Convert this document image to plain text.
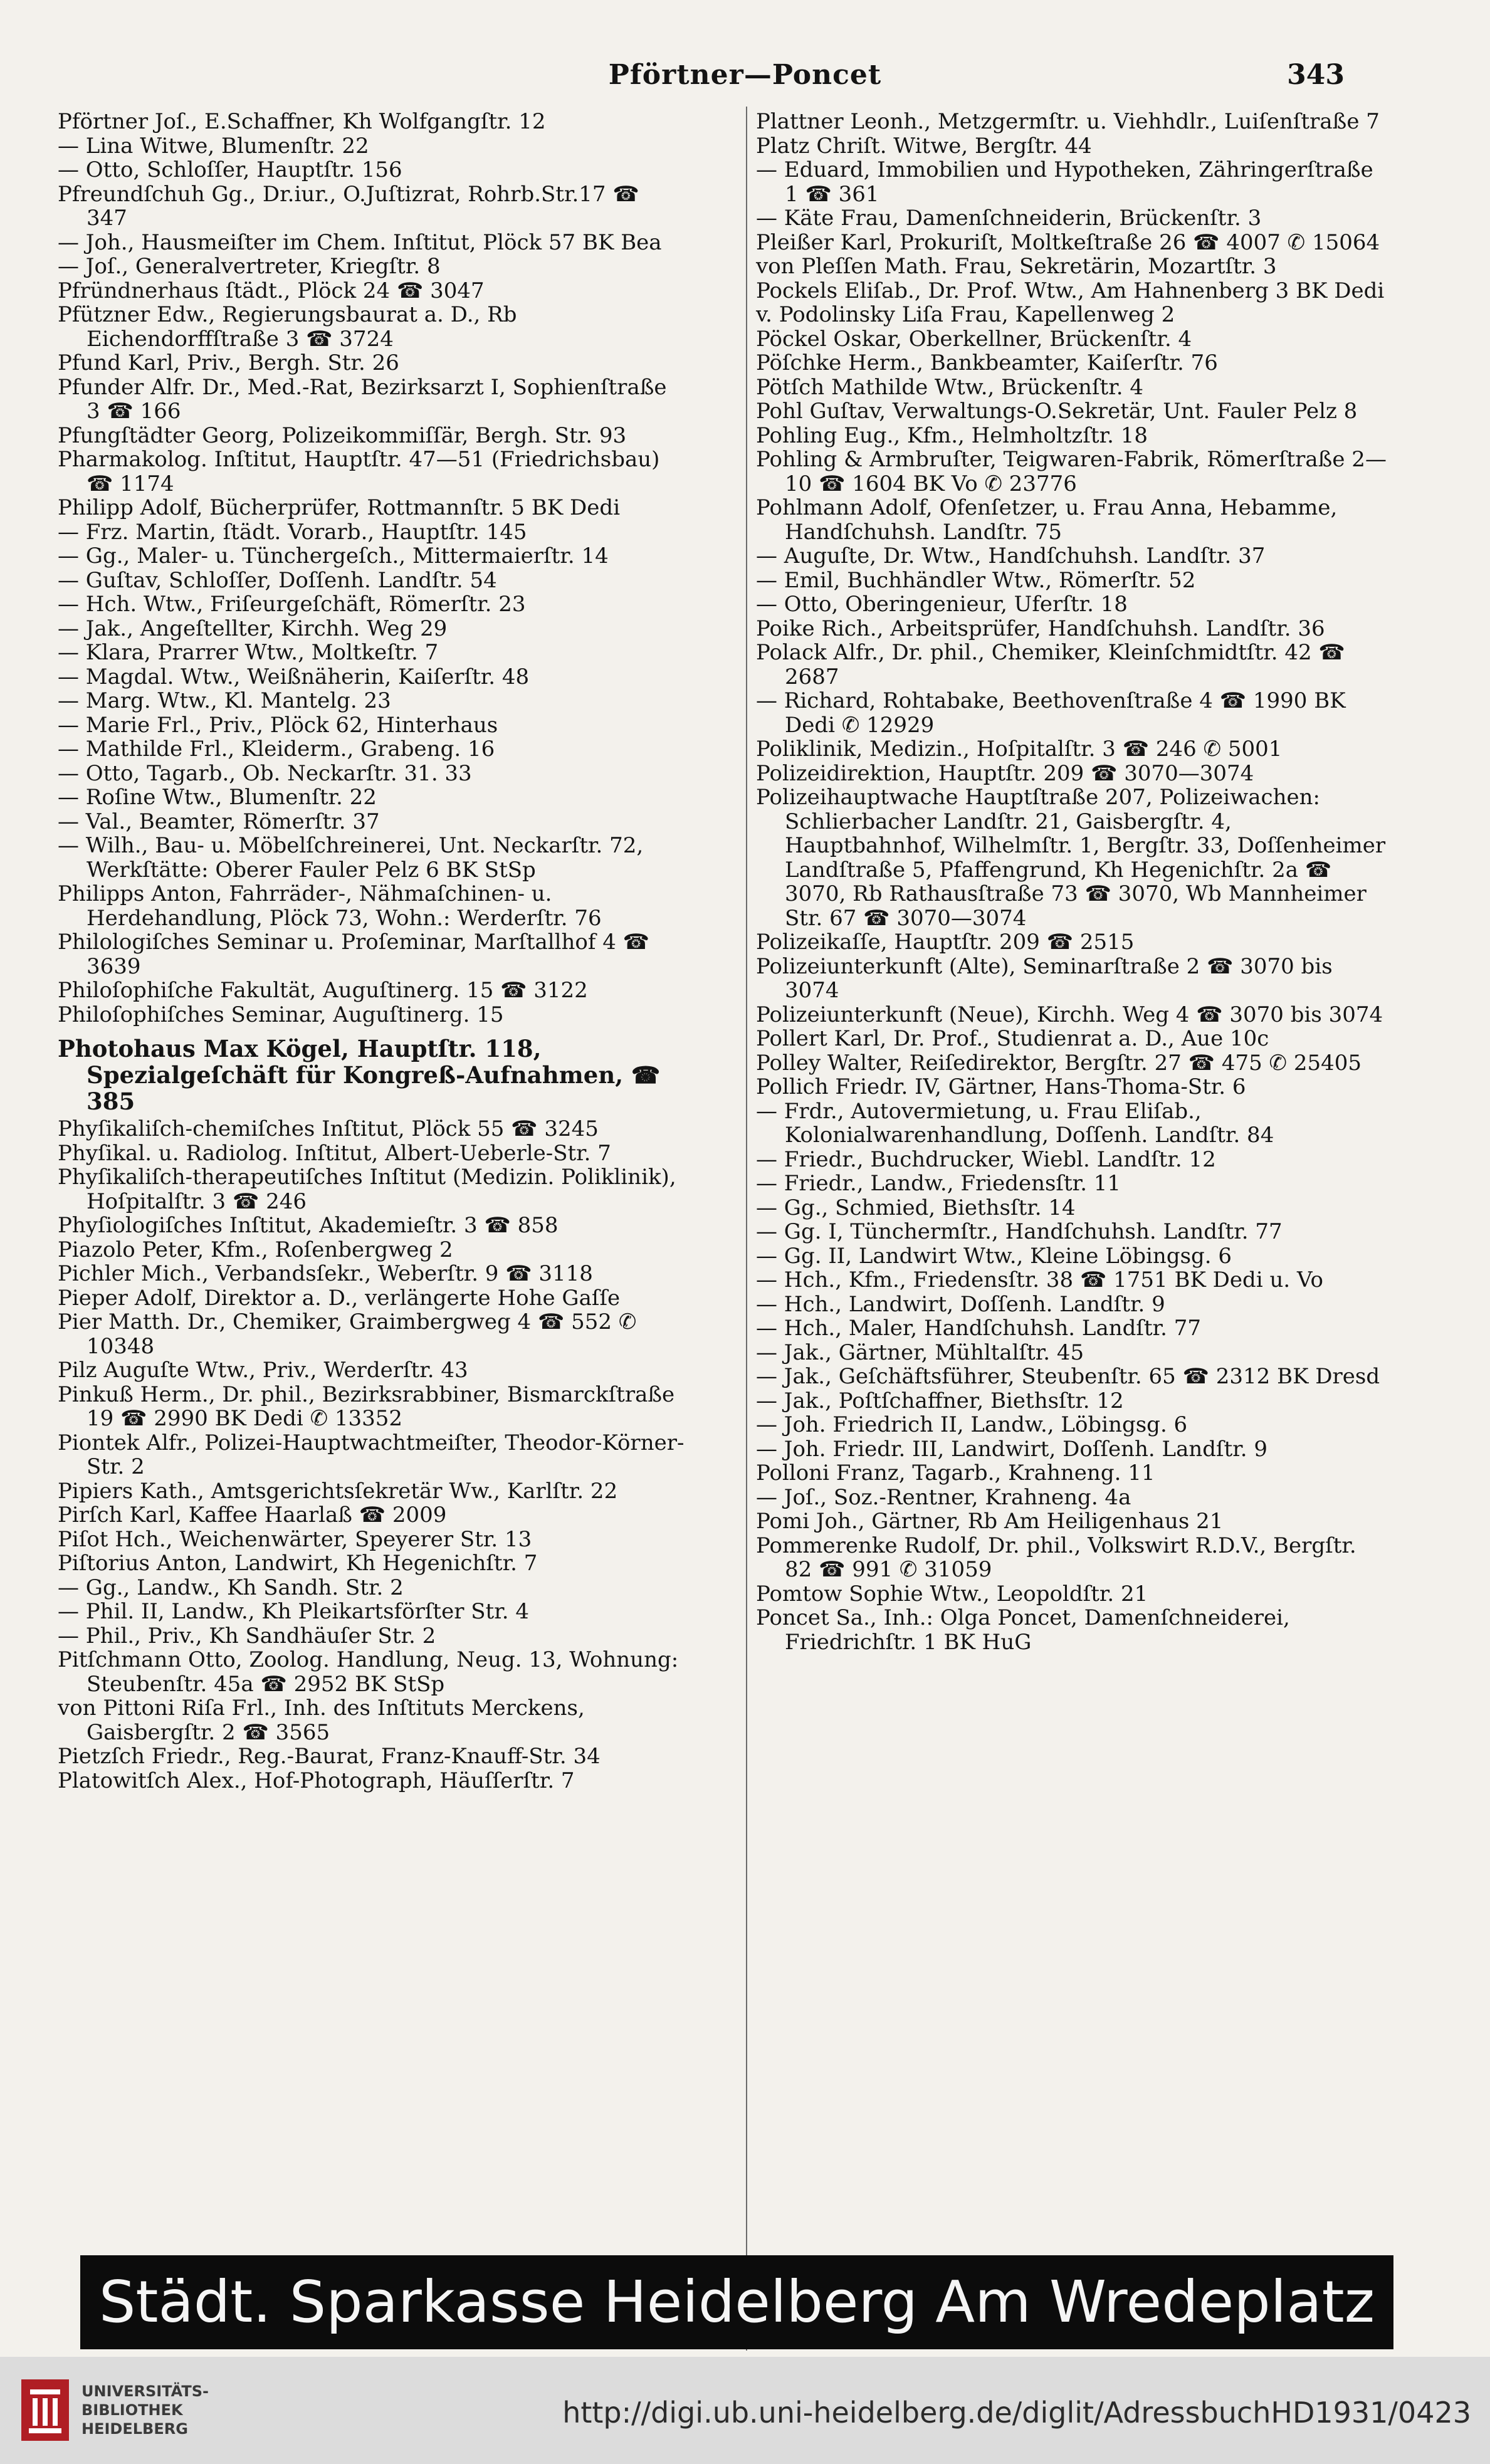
Pförtner—Poncet	343
Pförtner Joſ., E.Schaffner, Kh Wolfgangſtr. 12
— Lina Witwe, Blumenſtr. 22
— Otto, Schloſſer, Hauptſtr. 156
Pfreundſchuh Gg., Dr.iur., O.Juſtizrat, Rohrb.Str.17 ☎ 347
— Joh., Hausmeiſter im Chem. Inſtitut, Plöck 57 BK Bea
— Joſ., Generalvertreter, Kriegſtr. 8
Pfründnerhaus ſtädt., Plöck 24 ☎ 3047
Pfützner Edw., Regierungsbaurat a. D., Rb Eichendorffſtraße 3 ☎ 3724
Pfund Karl, Priv., Bergh. Str. 26
Pfunder Alfr. Dr., Med.-Rat, Bezirksarzt I, Sophienſtraße 3 ☎ 166
Pfungſtädter Georg, Polizeikommiſſär, Bergh. Str. 93
Pharmakolog. Inſtitut, Hauptſtr. 47—51 (Friedrichsbau) ☎ 1174
Philipp Adolf, Bücherprüfer, Rottmannſtr. 5 BK Dedi
— Frz. Martin, ſtädt. Vorarb., Hauptſtr. 145
— Gg., Maler- u. Tünchergeſch., Mittermaierſtr. 14
— Guſtav, Schloſſer, Doſſenh. Landſtr. 54
— Hch. Wtw., Friſeurgeſchäft, Römerſtr. 23
— Jak., Angeſtellter, Kirchh. Weg 29
— Klara, Prarrer Wtw., Moltkeſtr. 7
— Magdal. Wtw., Weißnäherin, Kaiſerſtr. 48
— Marg. Wtw., Kl. Mantelg. 23
— Marie Frl., Priv., Plöck 62, Hinterhaus
— Mathilde Frl., Kleiderm., Grabeng. 16
— Otto, Tagarb., Ob. Neckarſtr. 31. 33
— Roſine Wtw., Blumenſtr. 22
— Val., Beamter, Römerſtr. 37
— Wilh., Bau- u. Möbelſchreinerei, Unt. Neckarſtr. 72, Werkſtätte: Oberer Fauler Pelz 6 BK StSp
Philipps Anton, Fahrräder-, Nähmaſchinen- u. Herdehandlung, Plöck 73, Wohn.: Werderſtr. 76
Philologiſches Seminar u. Proſeminar, Marſtallhof 4 ☎ 3639
Philoſophiſche Fakultät, Auguſtinerg. 15 ☎ 3122
Philoſophiſches Seminar, Auguſtinerg. 15
Photohaus Max Kögel, Hauptſtr. 118, Spezialgeſchäft für Kongreß-Aufnahmen, ☎ 385
Phyſikaliſch-chemiſches Inſtitut, Plöck 55 ☎ 3245
Phyſikal. u. Radiolog. Inſtitut, Albert-Ueberle-Str. 7
Phyſikaliſch-therapeutiſches Inſtitut (Medizin. Poliklinik), Hoſpitalſtr. 3 ☎ 246
Phyſiologiſches Inſtitut, Akademieſtr. 3 ☎ 858
Piazolo Peter, Kfm., Roſenbergweg 2
Pichler Mich., Verbandsſekr., Weberſtr. 9 ☎ 3118
Pieper Adolf, Direktor a. D., verlängerte Hohe Gaſſe
Pier Matth. Dr., Chemiker, Graimbergweg 4 ☎ 552 ✆ 10348
Pilz Auguſte Wtw., Priv., Werderſtr. 43
Pinkuß Herm., Dr. phil., Bezirksrabbiner, Bismarckſtraße 19 ☎ 2990 BK Dedi ✆ 13352
Piontek Alfr., Polizei-Hauptwachtmeiſter, Theodor-Körner-Str. 2
Pipiers Kath., Amtsgerichtsſekretär Ww., Karlſtr. 22
Pirſch Karl, Kaffee Haarlaß ☎ 2009
Piſot Hch., Weichenwärter, Speyerer Str. 13
Piſtorius Anton, Landwirt, Kh Hegenichſtr. 7
— Gg., Landw., Kh Sandh. Str. 2
— Phil. II, Landw., Kh Pleikartsförſter Str. 4
— Phil., Priv., Kh Sandhäuſer Str. 2
Pitſchmann Otto, Zoolog. Handlung, Neug. 13, Wohnung: Steubenſtr. 45a ☎ 2952 BK StSp
von Pittoni Riſa Frl., Inh. des Inſtituts Merckens, Gaisbergſtr. 2 ☎ 3565
Pietzſch Friedr., Reg.-Baurat, Franz-Knauff-Str. 34
Platowitſch Alex., Hof-Photograph, Häuſſerſtr. 7
Plattner Leonh., Metzgermſtr. u. Viehhdlr., Luiſenſtraße 7
Platz Chriſt. Witwe, Bergſtr. 44
— Eduard, Immobilien und Hypotheken, Zähringerſtraße 1 ☎ 361
— Käte Frau, Damenſchneiderin, Brückenſtr. 3
Pleißer Karl, Prokuriſt, Moltkeſtraße 26 ☎ 4007 ✆ 15064
von Pleſſen Math. Frau, Sekretärin, Mozartſtr. 3
Pockels Eliſab., Dr. Prof. Wtw., Am Hahnenberg 3 BK Dedi
v. Podolinsky Liſa Frau, Kapellenweg 2
Pöckel Oskar, Oberkellner, Brückenſtr. 4
Pöſchke Herm., Bankbeamter, Kaiſerſtr. 76
Pötſch Mathilde Wtw., Brückenſtr. 4
Pohl Guſtav, Verwaltungs-O.Sekretär, Unt. Fauler Pelz 8
Pohling Eug., Kfm., Helmholtzſtr. 18
Pohling & Armbruſter, Teigwaren-Fabrik, Römerſtraße 2—10 ☎ 1604 BK Vo ✆ 23776
Pohlmann Adolf, Ofenſetzer, u. Frau Anna, Hebamme, Handſchuhsh. Landſtr. 75
— Auguſte, Dr. Wtw., Handſchuhsh. Landſtr. 37
— Emil, Buchhändler Wtw., Römerſtr. 52
— Otto, Oberingenieur, Uferſtr. 18
Poike Rich., Arbeitsprüfer, Handſchuhsh. Landſtr. 36
Polack Alfr., Dr. phil., Chemiker, Kleinſchmidtſtr. 42 ☎ 2687
— Richard, Rohtabake, Beethovenſtraße 4 ☎ 1990 BK Dedi ✆ 12929
Poliklinik, Medizin., Hoſpitalſtr. 3 ☎ 246 ✆ 5001
Polizeidirektion, Hauptſtr. 209 ☎ 3070—3074
Polizeihauptwache Hauptſtraße 207, Polizeiwachen: Schlierbacher Landſtr. 21, Gaisbergſtr. 4, Hauptbahnhof, Wilhelmſtr. 1, Bergſtr. 33, Doſſenheimer Landſtraße 5, Pfaffengrund, Kh Hegenichſtr. 2a ☎ 3070, Rb Rathausſtraße 73 ☎ 3070, Wb Mannheimer Str. 67 ☎ 3070—3074
Polizeikaſſe, Hauptſtr. 209 ☎ 2515
Polizeiunterkunft (Alte), Seminarſtraße 2 ☎ 3070 bis 3074
Polizeiunterkunft (Neue), Kirchh. Weg 4 ☎ 3070 bis 3074
Pollert Karl, Dr. Prof., Studienrat a. D., Aue 10c
Polley Walter, Reiſedirektor, Bergſtr. 27 ☎ 475 ✆ 25405
Pollich Friedr. IV, Gärtner, Hans-Thoma-Str. 6
— Frdr., Autovermietung, u. Frau Eliſab., Kolonialwarenhandlung, Doſſenh. Landſtr. 84
— Friedr., Buchdrucker, Wiebl. Landſtr. 12
— Friedr., Landw., Friedensſtr. 11
— Gg., Schmied, Biethsſtr. 14
— Gg. I, Tünchermſtr., Handſchuhsh. Landſtr. 77
— Gg. II, Landwirt Wtw., Kleine Löbingsg. 6
— Hch., Kfm., Friedensſtr. 38 ☎ 1751 BK Dedi u. Vo
— Hch., Landwirt, Doſſenh. Landſtr. 9
— Hch., Maler, Handſchuhsh. Landſtr. 77
— Jak., Gärtner, Mühltalſtr. 45
— Jak., Geſchäftsführer, Steubenſtr. 65 ☎ 2312 BK Dresd
— Jak., Poſtſchaffner, Biethsſtr. 12
— Joh. Friedrich II, Landw., Löbingsg. 6
— Joh. Friedr. III, Landwirt, Doſſenh. Landſtr. 9
Polloni Franz, Tagarb., Krahneng. 11
— Joſ., Soz.-Rentner, Krahneng. 4a
Pomi Joh., Gärtner, Rb Am Heiligenhaus 21
Pommerenke Rudolf, Dr. phil., Volkswirt R.D.V., Bergſtr. 82 ☎ 991 ✆ 31059
Pomtow Sophie Wtw., Leopoldſtr. 21
Poncet Sa., Inh.: Olga Poncet, Damenſchneiderei, Friedrichſtr. 1 BK HuG
Städt. Sparkasse Heidelberg Am Wredeplatz
UNIVERSITÄTS-
BIBLIOTHEK
HEIDELBERG	http://digi.ub.uni-heidelberg.de/diglit/AdressbuchHD1931/0423
